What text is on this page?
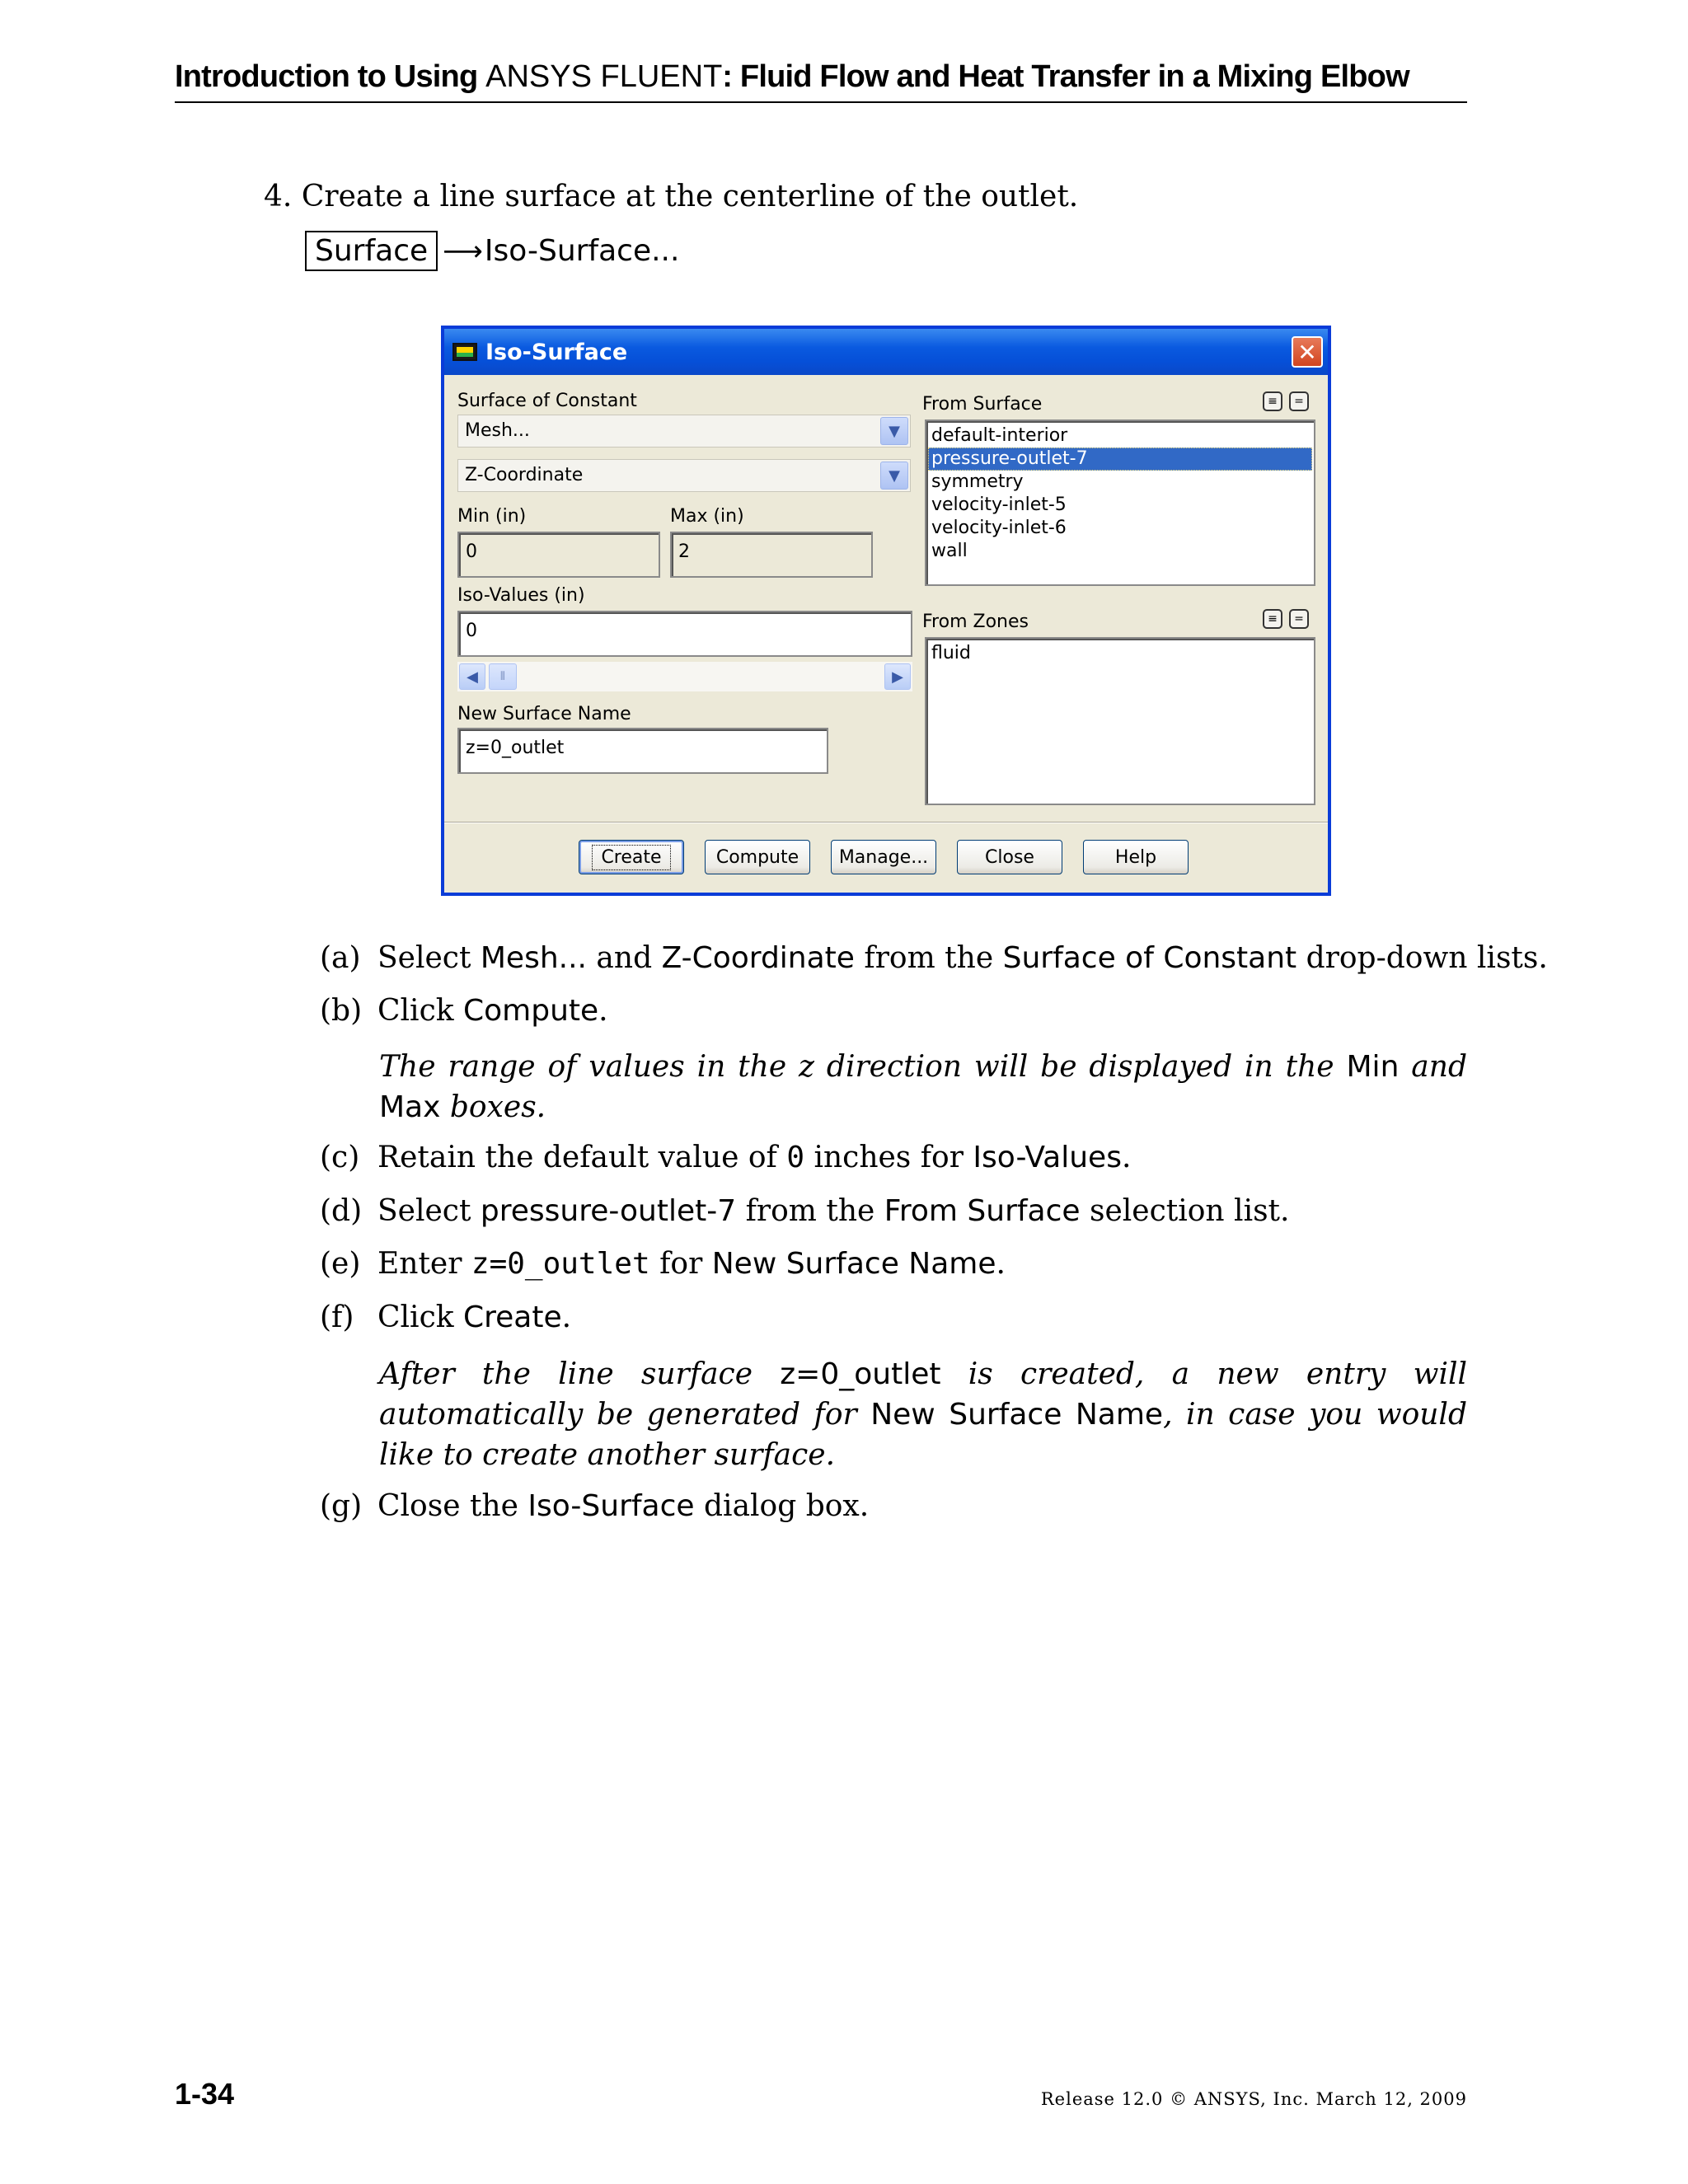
Introduction to Using ANSYS FLUENT: Fluid Flow and Heat Transfer in a Mixing Elbow
4. Create a line surface at the centerline of the outlet.
Surface ⟶ Iso-Surface...
Iso-Surface	✕
Surface of Constant
Mesh...	▼
Z-Coordinate	▼
Min (in)	Max (in)
0	2
Iso-Values (in)
0
◀	⫴	▶
New Surface Name
z=0_outlet
From Surface	≡	=
default-interior
pressure-outlet-7
symmetry
velocity-inlet-5
velocity-inlet-6
wall
From Zones	≡	=
fluid
Create	Compute	Manage...	Close	Help
(a) Select Mesh... and Z-Coordinate from the Surface of Constant drop-down lists.
(b) Click Compute.
The range of values in the z direction will be displayed in the Min and Max boxes.
(c) Retain the default value of 0 inches for Iso-Values.
(d) Select pressure-outlet-7 from the From Surface selection list.
(e) Enter z=0_outlet for New Surface Name.
(f) Click Create.
After the line surface z=0_outlet is created, a new entry will automatically be generated for New Surface Name, in case you would like to create another surface.
(g) Close the Iso-Surface dialog box.
1-34	Release 12.0 © ANSYS, Inc. March 12, 2009
